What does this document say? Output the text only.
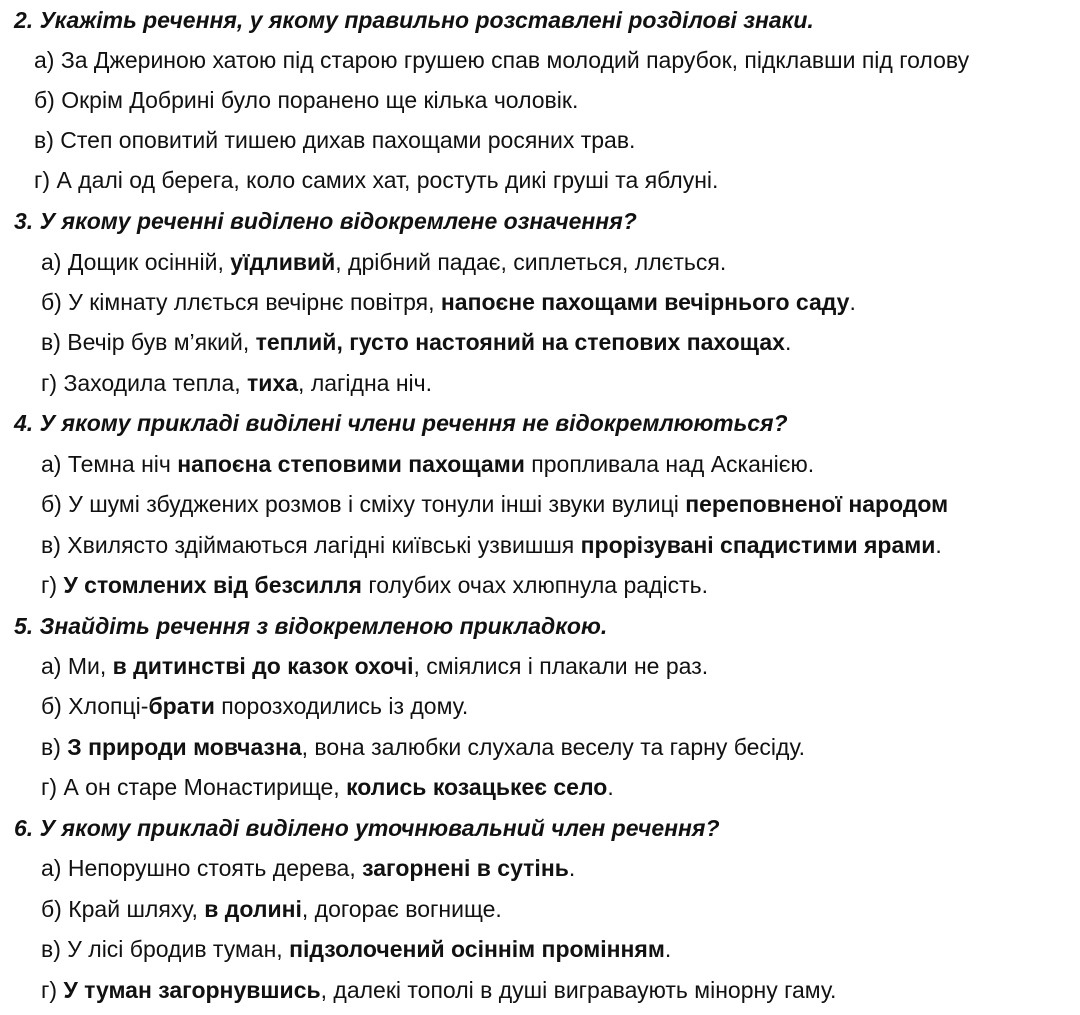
2. Укажіть речення, у якому правильно розставлені розділові знаки.
а) За Джериною хатою під старою грушею спав молодий парубок, підклавши під голову
б) Окрім Добрині було поранено ще кілька чоловік.
в) Степ оповитий тишею дихав пахощами росяних трав.
г) А далі од берега, коло самих хат, ростуть дикі груші та яблуні.
3. У якому реченні виділено відокремлене означення?
а) Дощик осінній, уїдливий, дрібний падає, сиплеться, ллється.
б) У кімнату ллється вечірнє повітря, напоєне пахощами вечірнього саду.
в) Вечір був м’який, теплий, густо настояний на степових пахощах.
г) Заходила тепла, тиха, лагідна ніч.
4. У якому прикладі виділені члени речення не відокремлюються?
а) Темна ніч напоєна степовими пахощами пропливала над Асканією.
б) У шумі збуджених розмов і сміху тонули інші звуки вулиці переповненої народом
в) Хвилясто здіймаються лагідні київські узвишшя прорізувані спадистими ярами.
г) У стомлених від безсилля голубих очах хлюпнула радість.
5. Знайдіть речення з відокремленою прикладкою.
а) Ми, в дитинстві до казок охочі, сміялися і плакали не раз.
б) Хлопці-брати порозходились із дому.
в) З природи мовчазна, вона залюбки слухала веселу та гарну бесіду.
г) А он старе Монастирище, колись козацькеє село.
6. У якому прикладі виділено уточнювальний член речення?
а) Непорушно стоять дерева, загорнені в сутінь.
б) Край шляху, в долині, догорає вогнище.
в) У лісі бродив туман, підзолочений осіннім промінням.
г) У туман загорнувшись, далекі тополі в душі виграваують мінорну гаму.
